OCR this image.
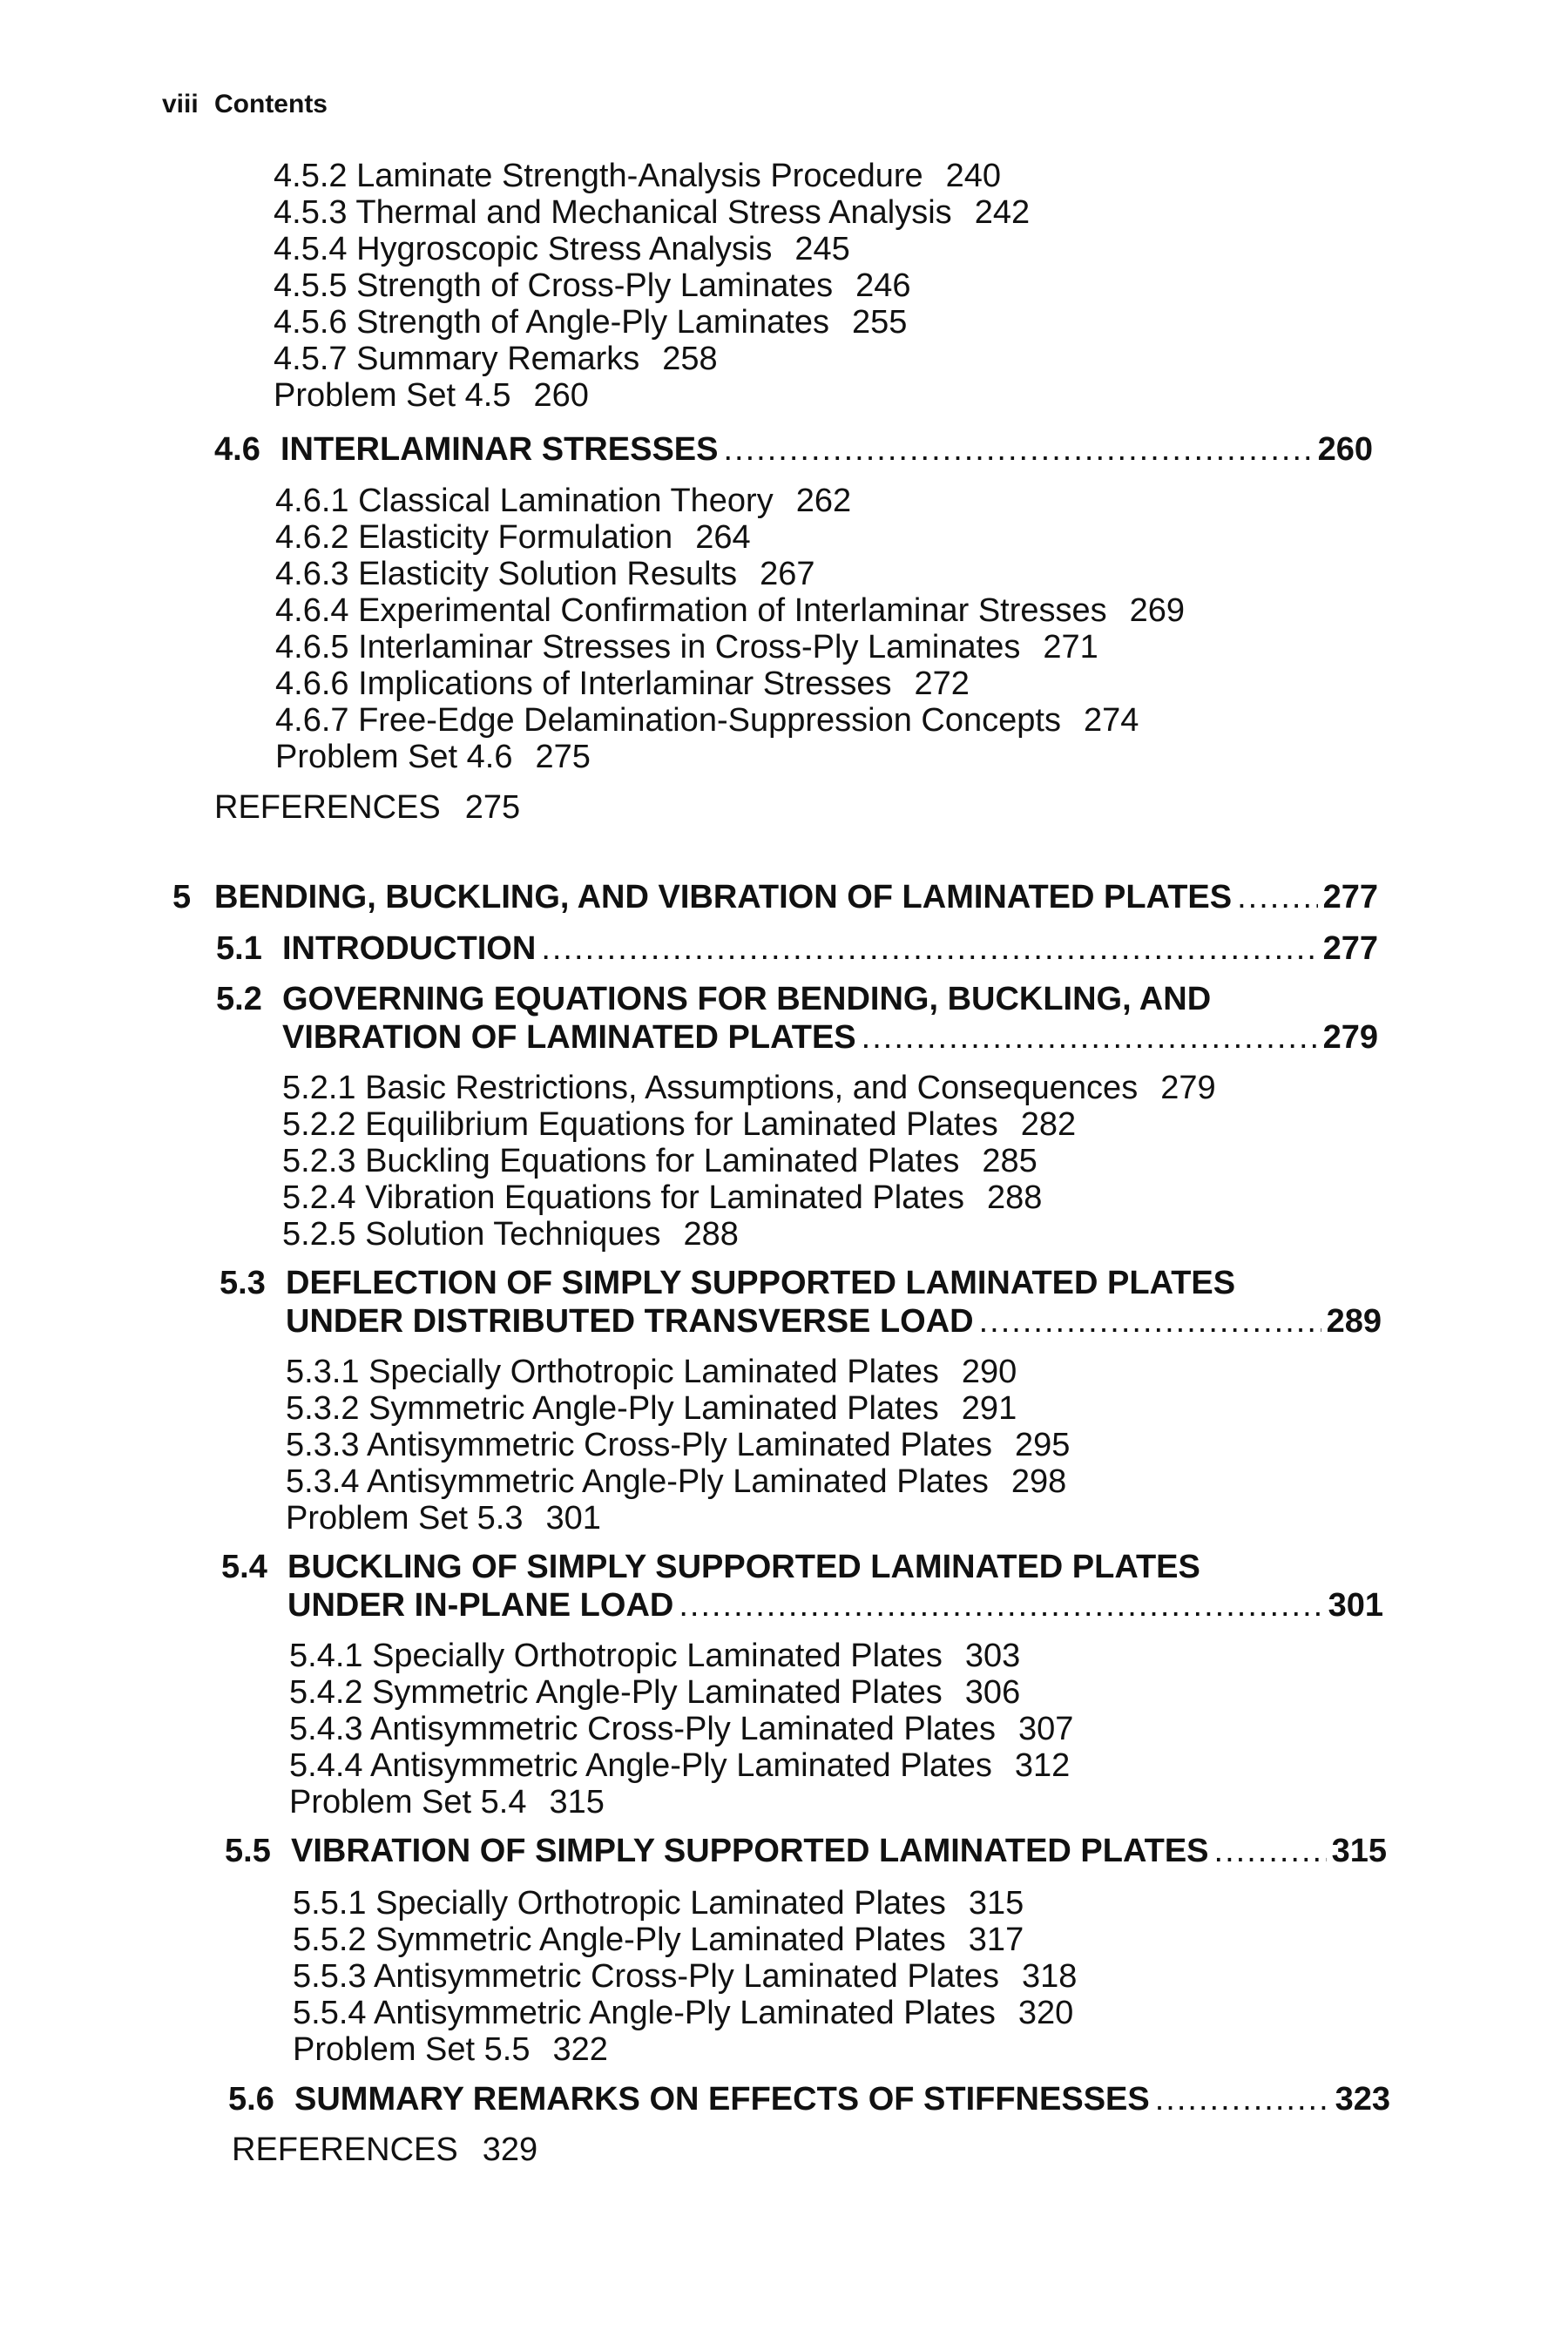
viii Contents
4.5.2 Laminate Strength-Analysis Procedure 240
4.5.3 Thermal and Mechanical Stress Analysis 242
4.5.4 Hygroscopic Stress Analysis 245
4.5.5 Strength of Cross-Ply Laminates 246
4.5.6 Strength of Angle-Ply Laminates 255
4.5.7 Summary Remarks 258
Problem Set 4.5 260
4.6 INTERLAMINAR STRESSES .....	260
4.6.1 Classical Lamination Theory 262
4.6.2 Elasticity Formulation 264
4.6.3 Elasticity Solution Results 267
4.6.4 Experimental Confirmation of Interlaminar Stresses 269
4.6.5 Interlaminar Stresses in Cross-Ply Laminates 271
4.6.6 Implications of Interlaminar Stresses 272
4.6.7 Free-Edge Delamination-Suppression Concepts 274
Problem Set 4.6 275
REFERENCES 275
5 BENDING, BUCKLING, AND VIBRATION OF LAMINATED PLATES .....	277
5.1 INTRODUCTION .....	277
5.2 GOVERNING EQUATIONS FOR BENDING, BUCKLING, AND
VIBRATION OF LAMINATED PLATES .....	279
5.2.1 Basic Restrictions, Assumptions, and Consequences 279
5.2.2 Equilibrium Equations for Laminated Plates 282
5.2.3 Buckling Equations for Laminated Plates 285
5.2.4 Vibration Equations for Laminated Plates 288
5.2.5 Solution Techniques 288
5.3 DEFLECTION OF SIMPLY SUPPORTED LAMINATED PLATES
UNDER DISTRIBUTED TRANSVERSE LOAD .....	289
5.3.1 Specially Orthotropic Laminated Plates 290
5.3.2 Symmetric Angle-Ply Laminated Plates 291
5.3.3 Antisymmetric Cross-Ply Laminated Plates 295
5.3.4 Antisymmetric Angle-Ply Laminated Plates 298
Problem Set 5.3 301
5.4 BUCKLING OF SIMPLY SUPPORTED LAMINATED PLATES
UNDER IN-PLANE LOAD .....	301
5.4.1 Specially Orthotropic Laminated Plates 303
5.4.2 Symmetric Angle-Ply Laminated Plates 306
5.4.3 Antisymmetric Cross-Ply Laminated Plates 307
5.4.4 Antisymmetric Angle-Ply Laminated Plates 312
Problem Set 5.4 315
5.5 VIBRATION OF SIMPLY SUPPORTED LAMINATED PLATES .....	315
5.5.1 Specially Orthotropic Laminated Plates 315
5.5.2 Symmetric Angle-Ply Laminated Plates 317
5.5.3 Antisymmetric Cross-Ply Laminated Plates 318
5.5.4 Antisymmetric Angle-Ply Laminated Plates 320
Problem Set 5.5 322
5.6 SUMMARY REMARKS ON EFFECTS OF STIFFNESSES .....	323
REFERENCES 329
